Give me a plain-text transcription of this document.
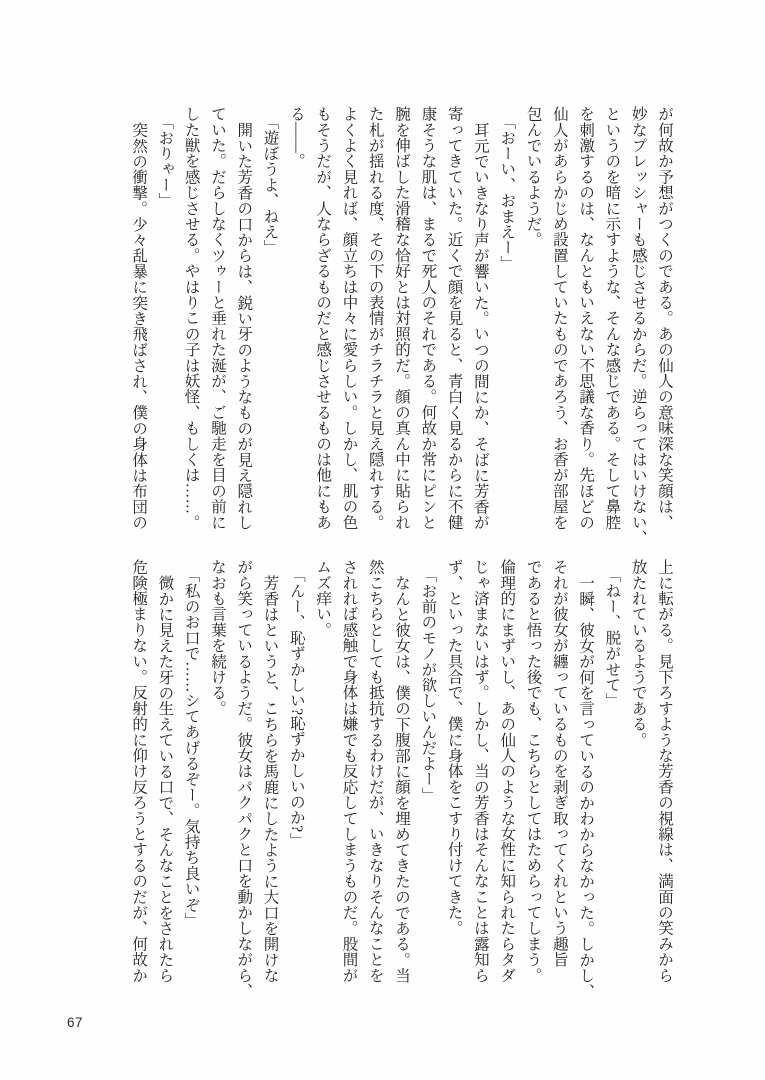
が何故か予想がつくのである。あの仙人の意味深な笑顔は、
妙なプレッシャーも感じさせるからだ。逆らってはいけない、
というのを暗に示すような、そんな感じである。そして鼻腔
を刺激するのは、なんともいえない不思議な香り。先ほどの
仙人があらかじめ設置していたものであろう、お香が部屋を
包んでいるようだ。
「おーい、おまえー」
耳元でいきなり声が響いた。いつの間にか、そばに芳香が
寄ってきていた。近くで顔を見ると、青白く見るからに不健
康そうな肌は、まるで死人のそれである。何故か常にピンと
腕を伸ばした滑稽な恰好とは対照的だ。顔の真ん中に貼られ
た札が揺れる度、その下の表情がチラチラと見え隠れする。
よくよく見れば、顔立ちは中々に愛らしい。しかし、肌の色
もそうだが、人ならざるものだと感じさせるものは他にもあ
る――。
「遊ぼうよ、ねえ」
開いた芳香の口からは、鋭い牙のようなものが見え隠れし
ていた。だらしなくツゥーと垂れた涎が、ご馳走を目の前に
した獣を感じさせる。やはりこの子は妖怪、もしくは……。
「おりゃー」
突然の衝撃。少々乱暴に突き飛ばされ、僕の身体は布団の
上に転がる。見下ろすような芳香の視線は、満面の笑みから
放たれているようである。
「ねー、脱がせて」
一瞬、彼女が何を言っているのかわからなかった。しかし、
それが彼女が纏っているものを剥ぎ取ってくれという趣旨
であると悟った後でも、こちらとしてはためらってしまう。
倫理的にまずいし、あの仙人のような女性に知られたらタダ
じゃ済まないはず。しかし、当の芳香はそんなことは露知ら
ず、といった具合で、僕に身体をこすり付けてきた。
「お前のモノが欲しいんだよー」
なんと彼女は、僕の下腹部に顔を埋めてきたのである。当
然こちらとしても抵抗するわけだが、いきなりそんなことを
されれば感触で身体は嫌でも反応してしまうものだ。股間が
ムズ痒い。
「んー、恥ずかしい?恥ずかしいのか?」
芳香はというと、こちらを馬鹿にしたように大口を開けな
がら笑っているようだ。彼女はパクパクと口を動かしながら、
なおも言葉を続ける。
「私のお口で……シてあげるぞー。気持ち良いぞ」
微かに見えた牙の生えている口で、そんなことをされたら
危険極まりない。反射的に仰け反ろうとするのだが、何故か
67
